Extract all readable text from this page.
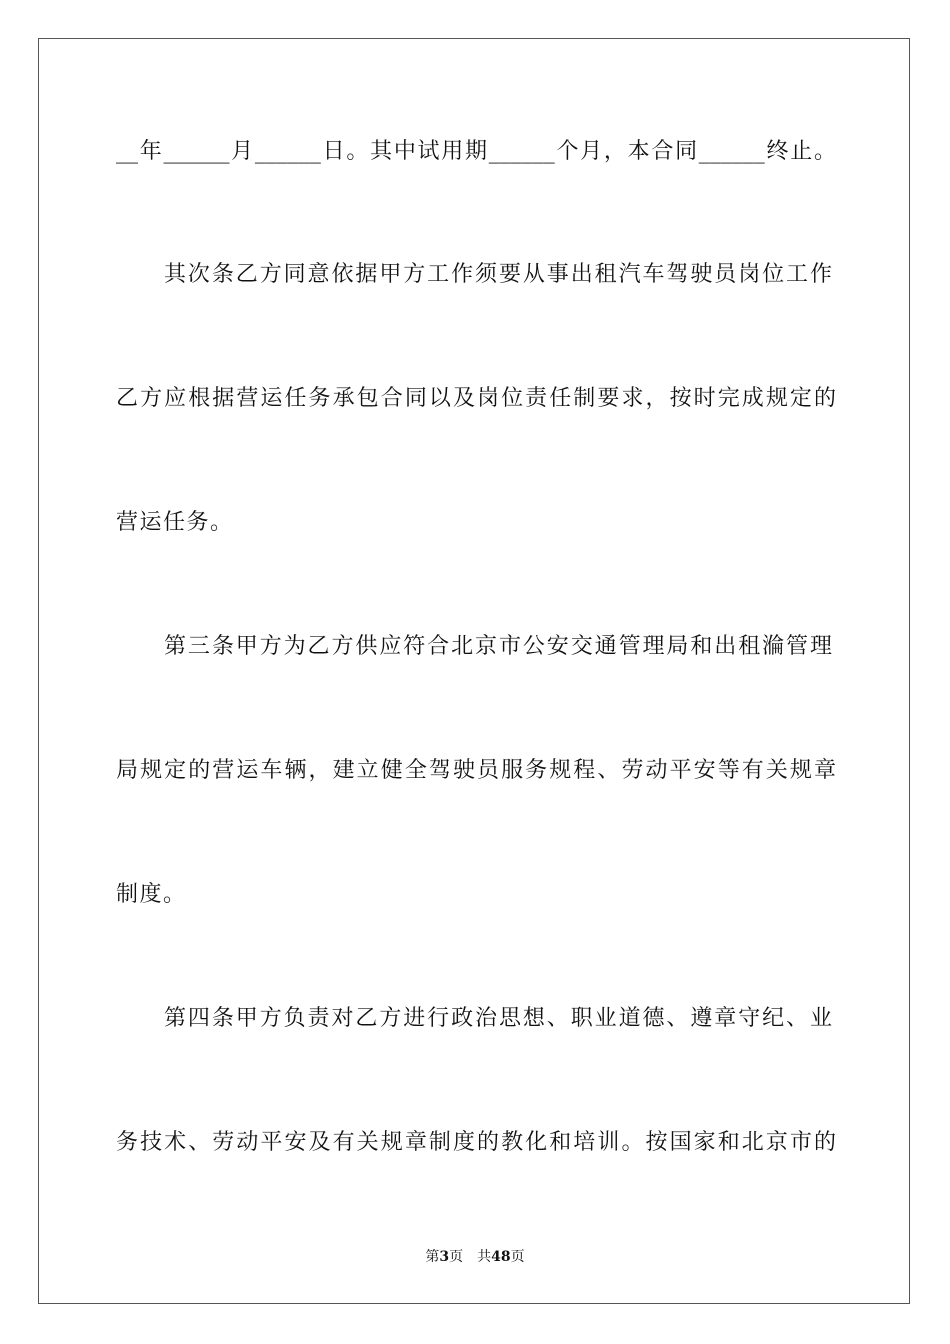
__年______月______日。其中试用期______个月，本合同______终止。
其次条乙方同意依据甲方工作须要从事出租汽车驾驶员岗位工作
乙方应根据营运任务承包合同以及岗位责任制要求，按时完成规定的
营运任务。
第三条甲方为乙方供应符合北京市公安交通管理局和出租溣管理
局规定的营运车辆，建立健全驾驶员服务规程、劳动平安等有关规章
制度。
第四条甲方负责对乙方进行政治思想、职业道德、遵章守纪、业
务技术、劳动平安及有关规章制度的教化和培训。按国家和北京市的
第3页 共48页
